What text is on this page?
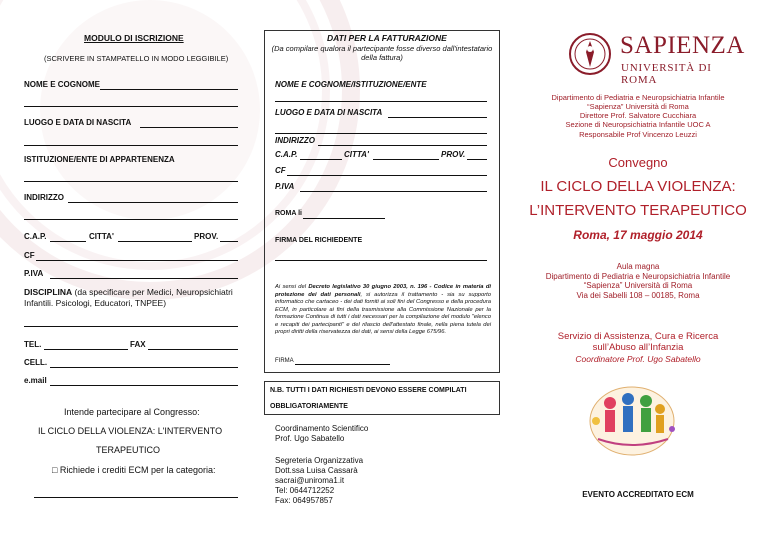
MODULO DI ISCRIZIONE
(SCRIVERE IN STAMPATELLO IN MODO LEGGIBILE)
NOME E COGNOME
LUOGO E DATA DI NASCITA
ISTITUZIONE/ENTE DI APPARTENENZA
INDIRIZZO
C.A.P.	CITTA'	PROV.
CF
P.IVA
DISCIPLINA (da specificare per Medici, Neuropsichiatri Infantili. Psicologi, Educatori, TNPEE)
TEL.	FAX
CELL.
e.mail
Intende partecipare al Congresso:
IL CICLO DELLA VIOLENZA: L'INTERVENTO
TERAPEUTICO
□ Richiede i crediti ECM per la categoria:
DATI PER LA FATTURAZIONE
(Da compilare qualora il partecipante fosse diverso dall'intestatario della fattura)
NOME E COGNOME/ISTITUZIONE/ENTE
LUOGO E DATA DI NASCITA
INDIRIZZO
C.A.P.	CITTA'	PROV.
CF
P.IVA
ROMA li
FIRMA DEL RICHIEDENTE
Ai sensi del Decreto legislativo 30 giugno 2003, n. 196 - Codice in materia di protezione dei dati personali, si autorizza il trattamento - sia su supporto informatico che cartaceo - dei dati forniti ai soli fini del Congresso e della procedura ECM, in particolare ai fini della trasmissione alla Commissione Nazionale per la formazione Continua di tutti i dati necessari per la compilazione del modulo "elenco e recapiti dei partecipanti" e del rilascio dell'attestato finale, nella piena tutela dei propri diritti della riservatezza dei dati, ai sensi della Legge 675/96.
FIRMA
N.B. TUTTI I DATI RICHIESTI DEVONO ESSERE COMPILATI
OBBLIGATORIAMENTE
Coordinamento Scientifico
Prof. Ugo Sabatello
Segreteria Organizzativa
Dott.ssa Luisa Cassarà
sacrai@uniroma1.it
Tel: 0644712252
Fax: 064957857
SAPIENZA
UNIVERSITÀ DI ROMA
Dipartimento di Pediatria e Neuropsichiatria Infantile
“Sapienza” Università di Roma
Direttore Prof. Salvatore Cucchiara
Sezione di Neuropsichiatria Infantile UOC A
Responsabile Prof Vincenzo Leuzzi
Convegno
IL CICLO DELLA VIOLENZA:
L’INTERVENTO TERAPEUTICO
Roma, 17 maggio 2014
Aula magna
Dipartimento di Pediatria e Neuropsichiatria Infantile
“Sapienza” Università di Roma
Via dei Sabelli 108 – 00185, Roma
Servizio di Assistenza, Cura e Ricerca
sull’Abuso all’Infanzia
Coordinatore Prof. Ugo Sabatello
EVENTO ACCREDITATO ECM
